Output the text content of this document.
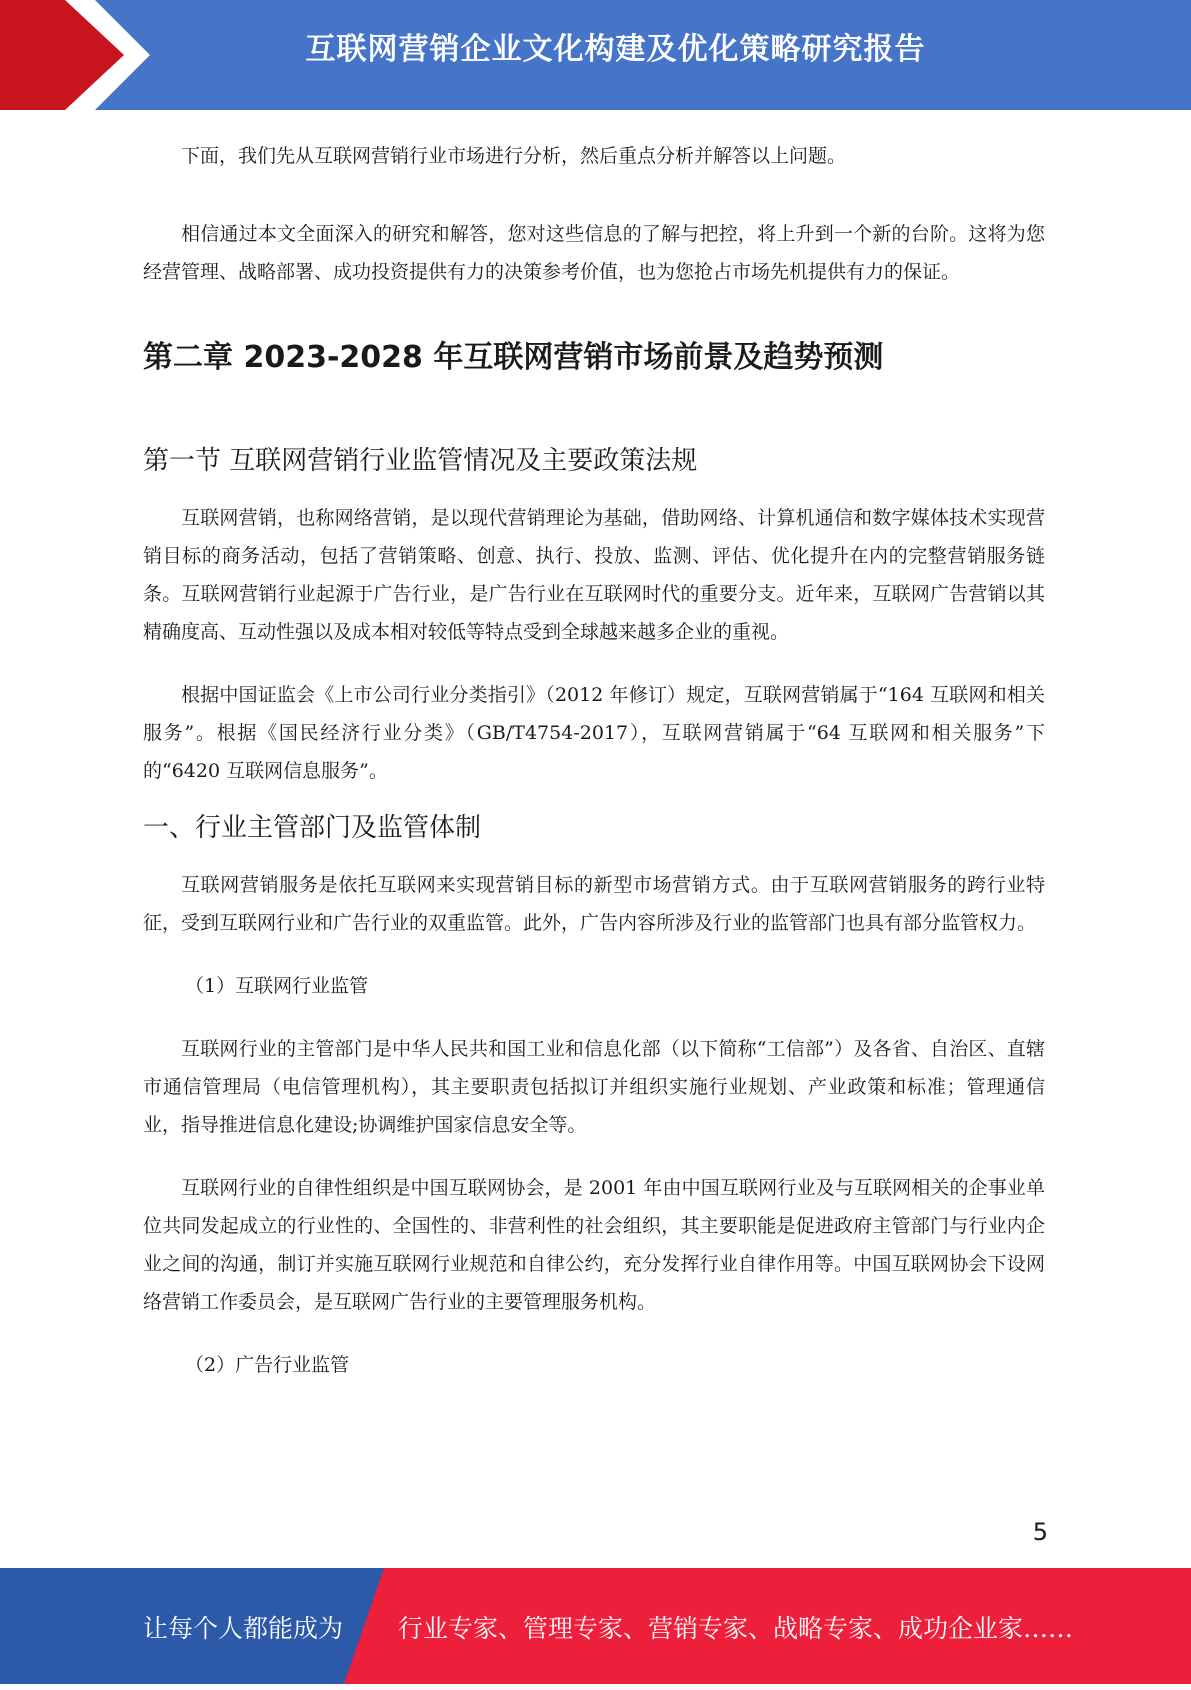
互联网营销企业文化构建及优化策略研究报告

下面，我们先从互联网营销行业市场进行分析，然后重点分析并解答以上问题。

相信通过本文全面深入的研究和解答，您对这些信息的了解与把控，将上升到一个新的台阶。这将为您经营管理、战略部署、成功投资提供有力的决策参考价值，也为您抢占市场先机提供有力的保证。

第二章 2023-2028 年互联网营销市场前景及趋势预测
第一节 互联网营销行业监管情况及主要政策法规

互联网营销，也称网络营销，是以现代营销理论为基础，借助网络、计算机通信和数字媒体技术实现营销目标的商务活动，包括了营销策略、创意、执行、投放、监测、评估、优化提升在内的完整营销服务链条。互联网营销行业起源于广告行业，是广告行业在互联网时代的重要分支。近年来，互联网广告营销以其精确度高、互动性强以及成本相对较低等特点受到全球越来越多企业的重视。

根据中国证监会《上市公司行业分类指引》（2012 年修订）规定，互联网营销属于“164 互联网和相关服务”。根据《国民经济行业分类》（GB/T4754-2017），互联网营销属于“64 互联网和相关服务”下的“6420 互联网信息服务”。

一、行业主管部门及监管体制

互联网营销服务是依托互联网来实现营销目标的新型市场营销方式。由于互联网营销服务的跨行业特征，受到互联网行业和广告行业的双重监管。此外，广告内容所涉及行业的监管部门也具有部分监管权力。

（1）互联网行业监管

互联网行业的主管部门是中华人民共和国工业和信息化部（以下简称“工信部”）及各省、自治区、直辖市通信管理局（电信管理机构），其主要职责包括拟订并组织实施行业规划、产业政策和标准；管理通信业，指导推进信息化建设;协调维护国家信息安全等。

互联网行业的自律性组织是中国互联网协会，是 2001 年由中国互联网行业及与互联网相关的企事业单位共同发起成立的行业性的、全国性的、非营利性的社会组织，其主要职能是促进政府主管部门与行业内企业之间的沟通，制订并实施互联网行业规范和自律公约，充分发挥行业自律作用等。中国互联网协会下设网络营销工作委员会，是互联网广告行业的主要管理服务机构。

（2）广告行业监管

5
让每个人都能成为 行业专家、管理专家、营销专家、战略专家、成功企业家……
